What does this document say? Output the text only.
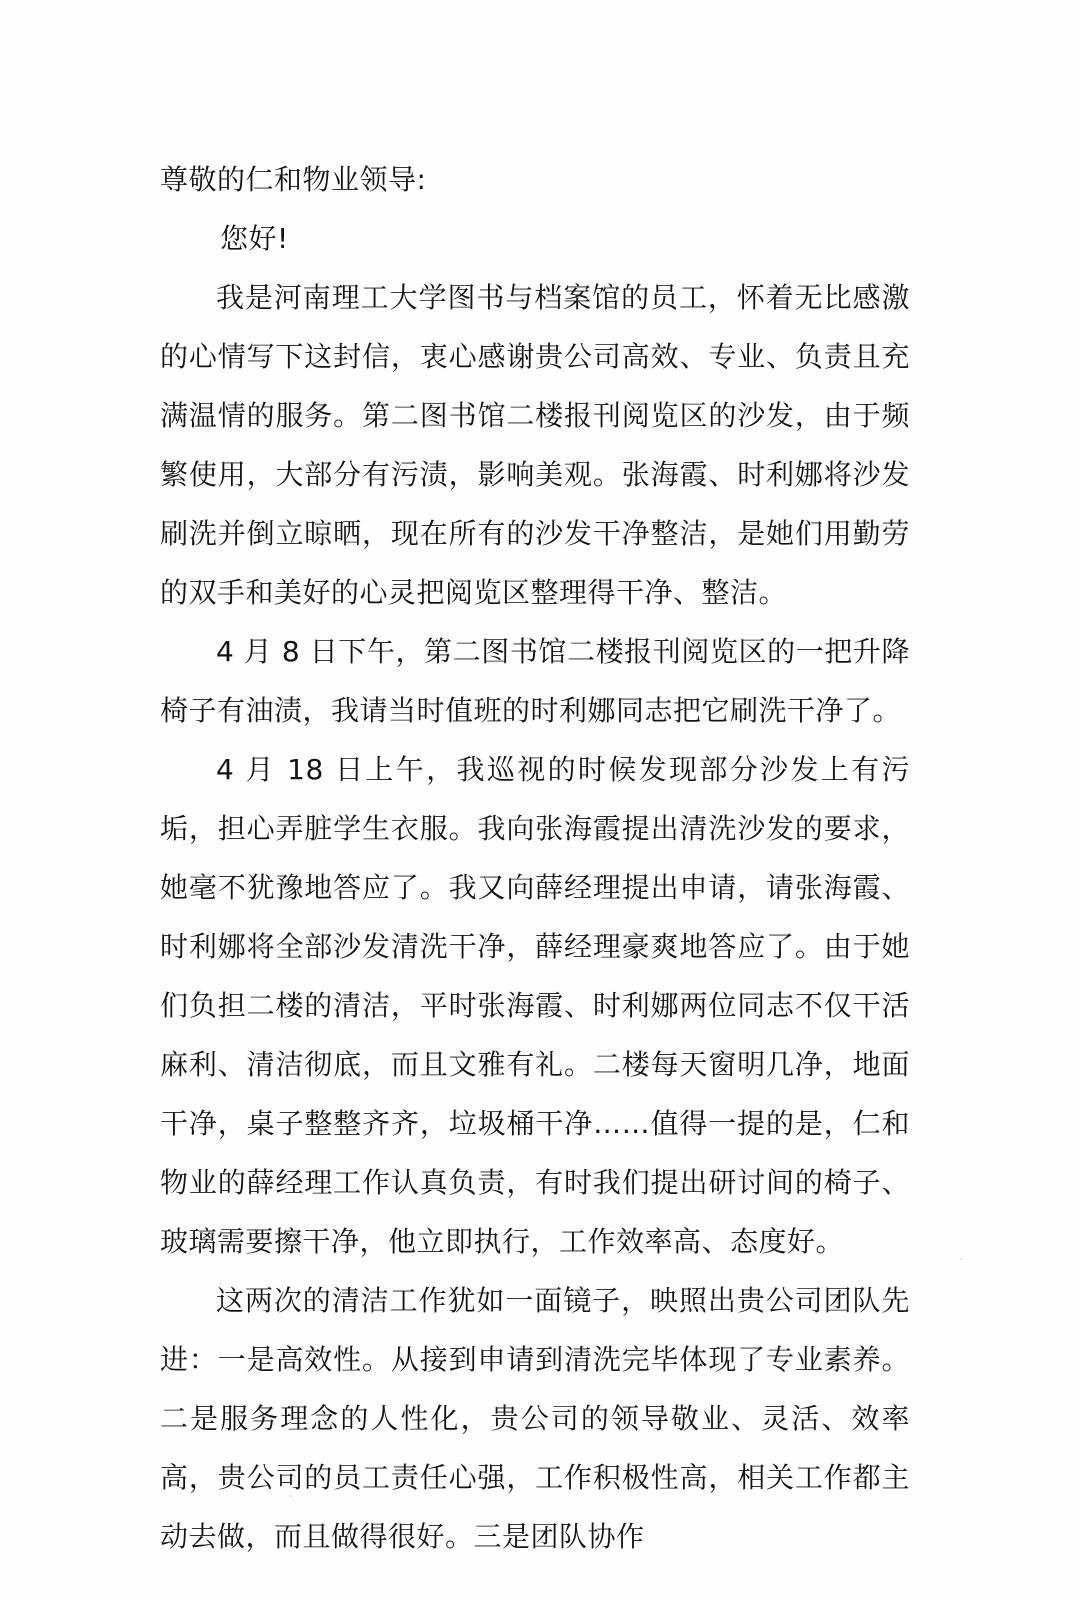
尊敬的仁和物业领导:

您好!

我是河南理工大学图书与档案馆的员工，怀着无比感激的心情写下这封信，衷心感谢贵公司高效、专业、负责且充满温情的服务。第二图书馆二楼报刊阅览区的沙发，由于频繁使用，大部分有污渍，影响美观。张海霞、时利娜将沙发刷洗并倒立晾晒，现在所有的沙发干净整洁，是她们用勤劳的双手和美好的心灵把阅览区整理得干净、整洁。

4 月 8 日下午，第二图书馆二楼报刊阅览区的一把升降椅子有油渍，我请当时值班的时利娜同志把它刷洗干净了。

4 月 18 日上午，我巡视的时候发现部分沙发上有污垢，担心弄脏学生衣服。我向张海霞提出清洗沙发的要求，她毫不犹豫地答应了。我又向薛经理提出申请，请张海霞、时利娜将全部沙发清洗干净，薛经理豪爽地答应了。由于她们负担二楼的清洁，平时张海霞、时利娜两位同志不仅干活麻利、清洁彻底，而且文雅有礼。二楼每天窗明几净，地面干净，桌子整整齐齐，垃圾桶干净……值得一提的是，仁和物业的薛经理工作认真负责，有时我们提出研讨间的椅子、玻璃需要擦干净，他立即执行，工作效率高、态度好。

这两次的清洁工作犹如一面镜子，映照出贵公司团队先进：一是高效性。从接到申请到清洗完毕体现了专业素养。二是服务理念的人性化，贵公司的领导敬业、灵活、效率高，贵公司的员工责任心强，工作积极性高，相关工作都主动去做，而且做得很好。三是团队协作
